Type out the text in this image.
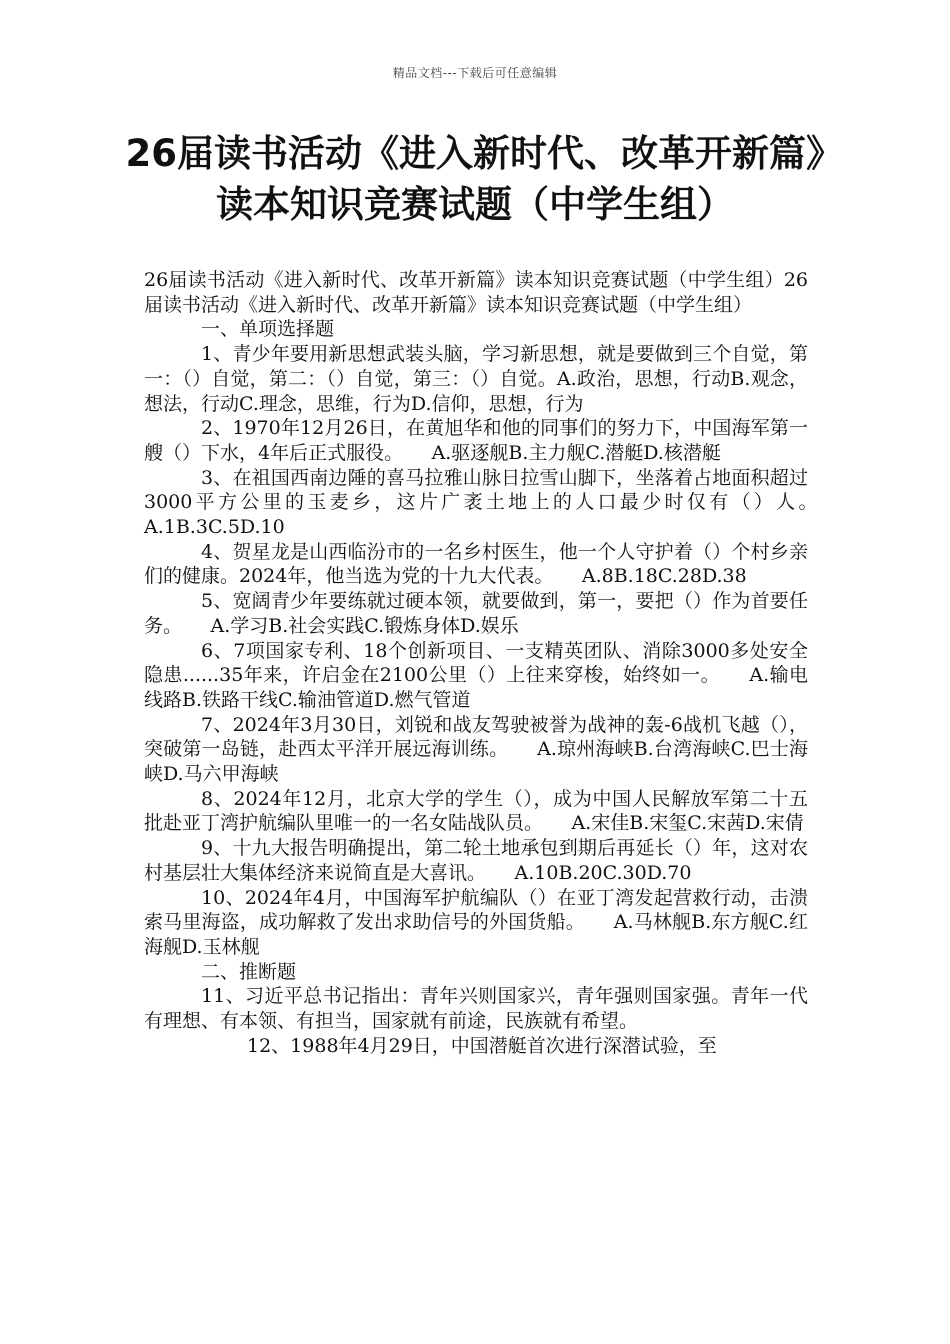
精品文档---下载后可任意编辑
26届读书活动《进入新时代、改革开新篇》读本知识竞赛试题（中学生组）

26届读书活动《进入新时代、改革开新篇》读本知识竞赛试题（中学生组）26届读书活动《进入新时代、改革开新篇》读本知识竞赛试题（中学生组）

一、单项选择题

1、青少年要用新思想武装头脑，学习新思想，就是要做到三个自觉，第一：（）自觉，第二：（）自觉，第三：（）自觉。A.政治，思想，行动B.观念，想法，行动C.理念，思维，行为D.信仰，思想，行为

2、1970年12月26日，在黄旭华和他的同事们的努力下，中国海军第一艘（）下水，4年后正式服役。　　A.驱逐舰B.主力舰C.潜艇D.核潜艇

3、在祖国西南边陲的喜马拉雅山脉日拉雪山脚下，坐落着占地面积超过3000平方公里的玉麦乡，这片广袤土地上的人口最少时仅有（）人。　　A.1B.3C.5D.10

4、贺星龙是山西临汾市的一名乡村医生，他一个人守护着（）个村乡亲们的健康。2024年，他当选为党的十九大代表。　　A.8B.18C.28D.38

5、宽阔青少年要练就过硬本领，就要做到，第一，要把（）作为首要任务。　　A.学习B.社会实践C.锻炼身体D.娱乐

6、7项国家专利、18个创新项目、一支精英团队、消除3000多处安全隐患......35年来，许启金在2100公里（）上往来穿梭，始终如一。　　A.输电线路B.铁路干线C.输油管道D.燃气管道

7、2024年3月30日，刘锐和战友驾驶被誉为战神的轰-6战机飞越（），突破第一岛链，赴西太平洋开展远海训练。　　A.琼州海峡B.台湾海峡C.巴士海峡D.马六甲海峡

8、2024年12月，北京大学的学生（），成为中国人民解放军第二十五批赴亚丁湾护航编队里唯一的一名女陆战队员。　　A.宋佳B.宋玺C.宋茜D.宋倩

9、十九大报告明确提出，第二轮土地承包到期后再延长（）年，这对农村基层壮大集体经济来说简直是大喜讯。　　A.10B.20C.30D.70

10、2024年4月，中国海军护航编队（）在亚丁湾发起营救行动，击溃索马里海盗，成功解救了发出求助信号的外国货船。　　A.马林舰B.东方舰C.红海舰D.玉林舰

二、推断题

11、习近平总书记指出：青年兴则国家兴，青年强则国家强。青年一代有理想、有本领、有担当，国家就有前途，民族就有希望。

12、1988年4月29日，中国潜艇首次进行深潜试验，至
